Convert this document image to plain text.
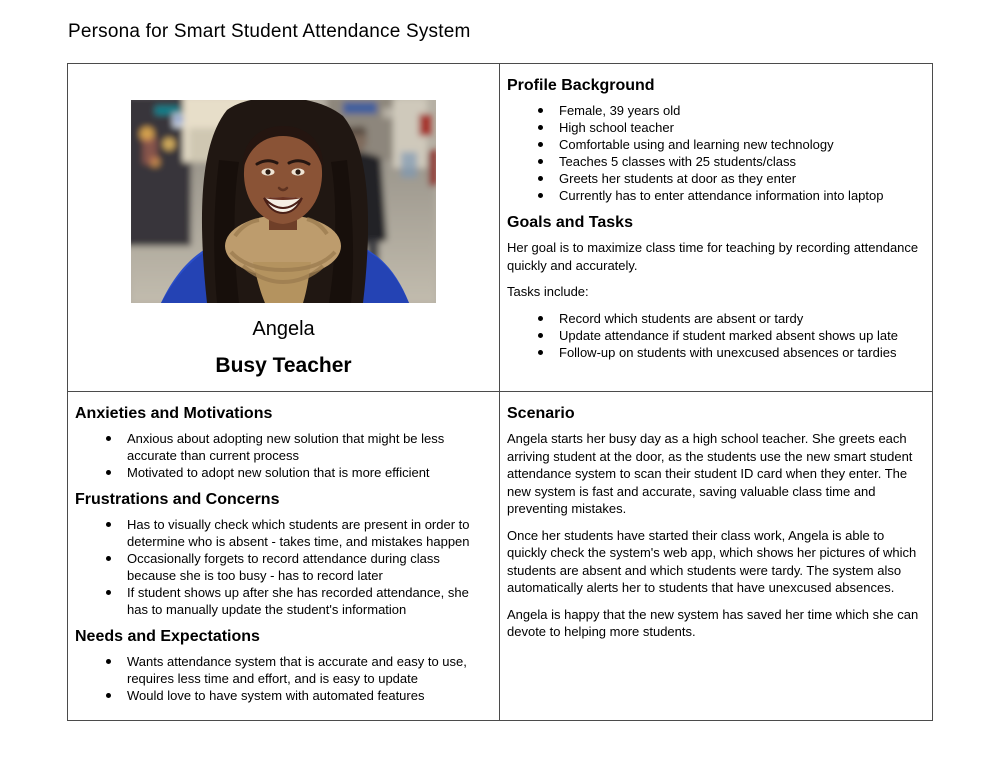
Persona for Smart Student Attendance System
Angela
Busy Teacher
Profile Background
Female, 39 years old
High school teacher
Comfortable using and learning new technology
Teaches 5 classes with 25 students/class
Greets her students at door as they enter
Currently has to enter attendance information into laptop
Goals and Tasks

Her goal is to maximize class time for teaching by recording attendance quickly and accurately.

Tasks include:

Record which students are absent or tardy
Update attendance if student marked absent shows up late
Follow-up on students with unexcused absences or tardies
Anxieties and Motivations
Anxious about adopting new solution that might be less accurate than current process
Motivated to adopt new solution that is more efficient
Frustrations and Concerns
Has to visually check which students are present in order to determine who is absent - takes time, and mistakes happen
Occasionally forgets to record attendance during class because she is too busy - has to record later
If student shows up after she has recorded attendance, she has to manually update the student's information
Needs and Expectations
Wants attendance system that is accurate and easy to use, requires less time and effort, and is easy to update
Would love to have system with automated features
Scenario

Angela starts her busy day as a high school teacher. She greets each arriving student at the door, as the students use the new smart student attendance system to scan their student ID card when they enter. The new system is fast and accurate, saving valuable class time and preventing mistakes.

Once her students have started their class work, Angela is able to quickly check the system's web app, which shows her pictures of which students are absent and which students were tardy. The system also automatically alerts her to students that have unexcused absences.

Angela is happy that the new system has saved her time which she can devote to helping more students.
